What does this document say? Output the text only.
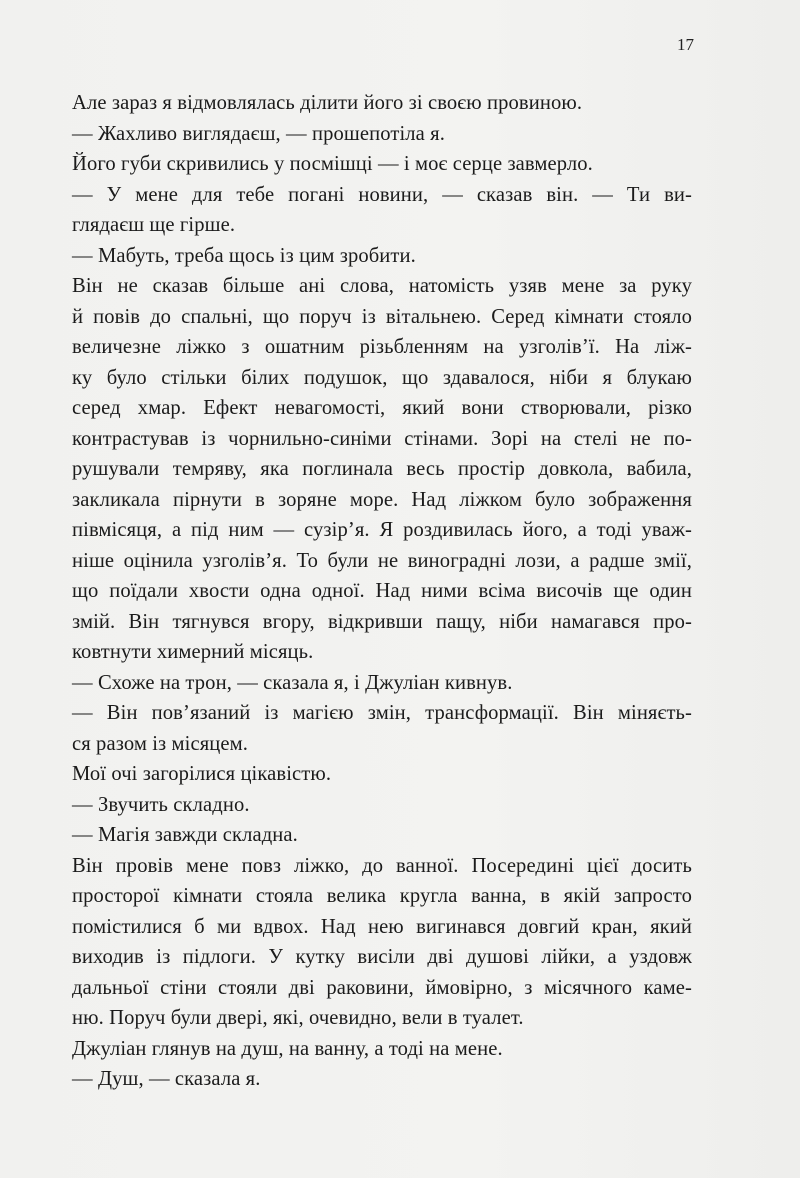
17

Але зараз я відмовлялась ділити його зі своєю провиною.

— Жахливо виглядаєш, — прошепотіла я.

Його губи скривились у посмішці — і моє серце завмерло.

— У мене для тебе погані новини, — сказав він. — Ти ви-
глядаєш ще гірше.

— Мабуть, треба щось із цим зробити.

Він не сказав більше ані слова, натомість узяв мене за руку
й повів до спальні, що поруч із вітальнею. Серед кімнати стояло
величезне ліжко з ошатним різьбленням на узголів’ї. На ліж-
ку було стільки білих подушок, що здавалося, ніби я блукаю
серед хмар. Ефект невагомості, який вони створювали, різко
контрастував із чорнильно-синіми стінами. Зорі на стелі не по-
рушували темряву, яка поглинала весь простір довкола, вабила,
закликала пірнути в зоряне море. Над ліжком було зображення
півмісяця, а під ним — сузір’я. Я роздивилась його, а тоді уваж-
ніше оцінила узголів’я. То були не виноградні лози, а радше змії,
що поїдали хвости одна одної. Над ними всіма височів ще один
змій. Він тягнувся вгору, відкривши пащу, ніби намагався про-
ковтнути химерний місяць.

— Схоже на трон, — сказала я, і Джуліан кивнув.

— Він пов’язаний із магією змін, трансформації. Він міняєть-
ся разом із місяцем.

Мої очі загорілися цікавістю.

— Звучить складно.

— Магія завжди складна.

Він провів мене повз ліжко, до ванної. Посередині цієї досить
просторої кімнати стояла велика кругла ванна, в якій запросто
помістилися б ми вдвох. Над нею вигинався довгий кран, який
виходив із підлоги. У кутку висіли дві душові лійки, а уздовж
дальньої стіни стояли дві раковини, ймовірно, з місячного каме-
ню. Поруч були двері, які, очевидно, вели в туалет.

Джуліан глянув на душ, на ванну, а тоді на мене.

— Душ, — сказала я.
